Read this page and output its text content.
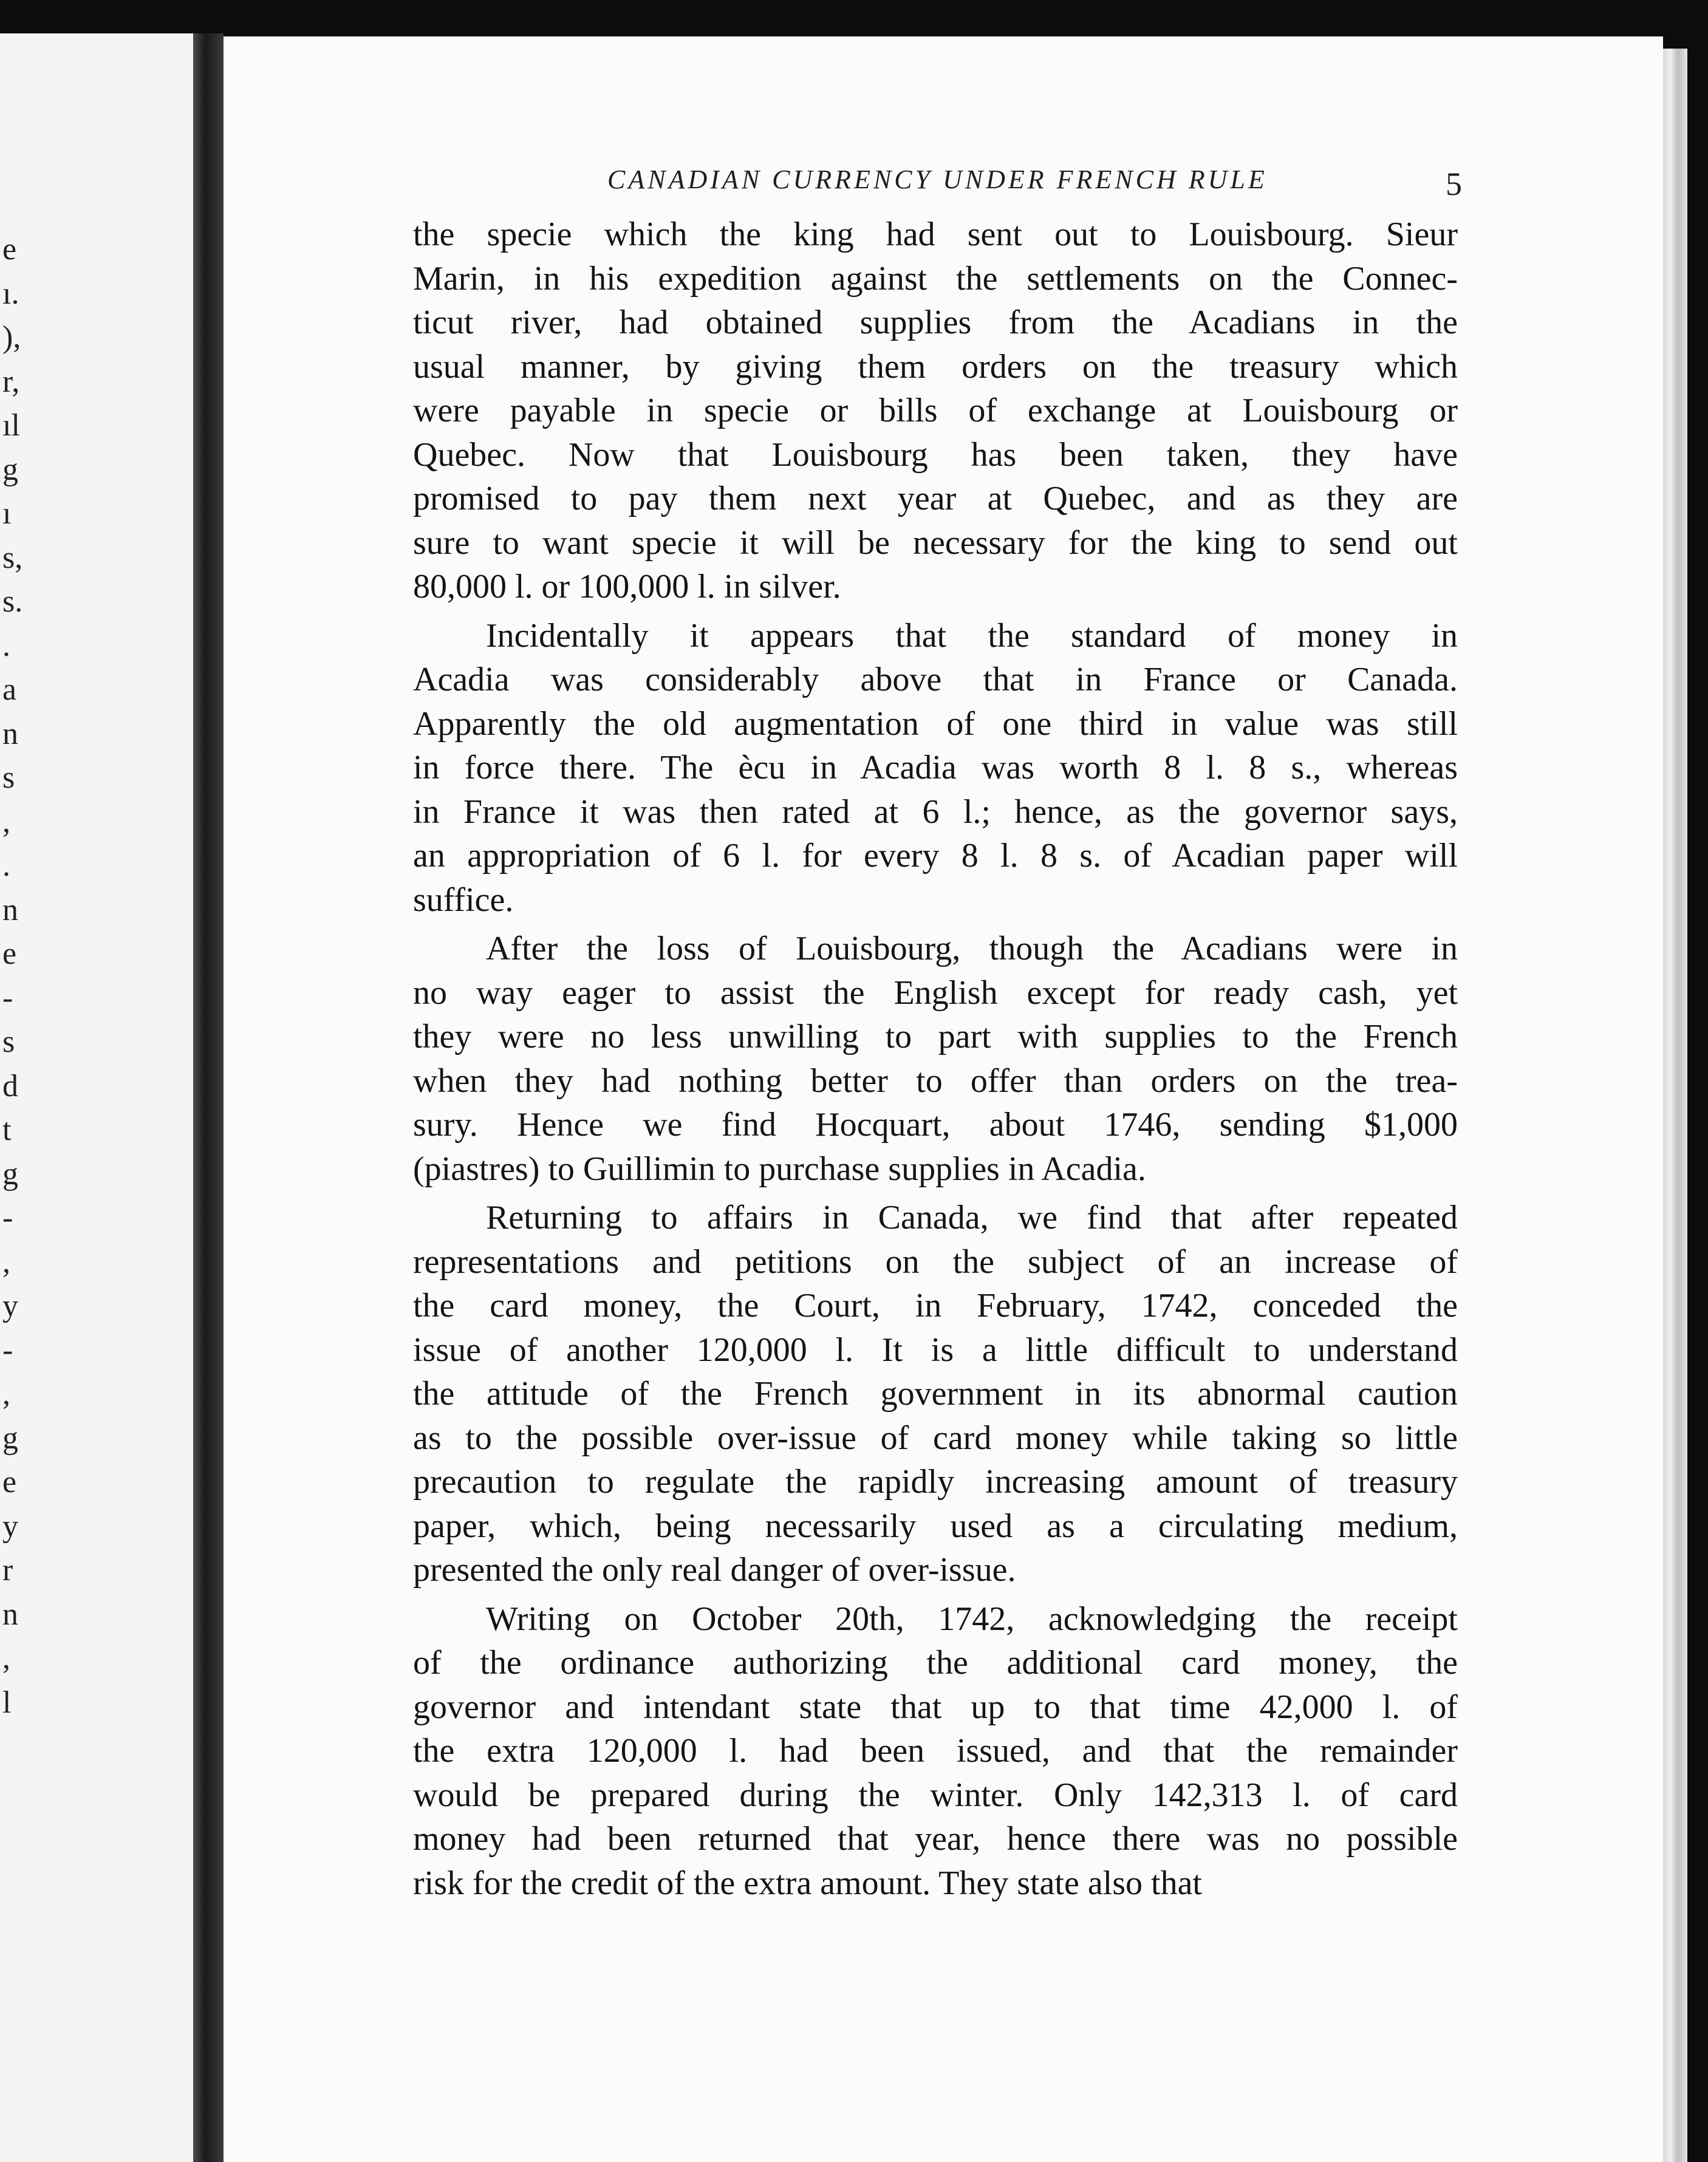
e
ı.
),
r,
ıl
g
ı
s,
s.
.
a
n
s
,
.
n
e
-
s
d
t
g
-
,
y
-
,
g
e
y
r
n
,
l
CANADIAN CURRENCY UNDER FRENCH RULE	5
the specie which the king had sent out to Louisbourg. Sieur
Marin, in his expedition against the settlements on the Connec-
ticut river, had obtained supplies from the Acadians in the
usual manner, by giving them orders on the treasury which
were payable in specie or bills of exchange at Louisbourg or
Quebec. Now that Louisbourg has been taken, they have
promised to pay them next year at Quebec, and as they are
sure to want specie it will be necessary for the king to send out
80,000 l. or 100,000 l. in silver.
Incidentally it appears that the standard of money in
Acadia was considerably above that in France or Canada.
Apparently the old augmentation of one third in value was still
in force there. The ècu in Acadia was worth 8 l. 8 s., whereas
in France it was then rated at 6 l.; hence, as the governor says,
an appropriation of 6 l. for every 8 l. 8 s. of Acadian paper will
suffice.
After the loss of Louisbourg, though the Acadians were in
no way eager to assist the English except for ready cash, yet
they were no less unwilling to part with supplies to the French
when they had nothing better to offer than orders on the trea-
sury. Hence we find Hocquart, about 1746, sending $1,000
(piastres) to Guillimin to purchase supplies in Acadia.
Returning to affairs in Canada, we find that after repeated
representations and petitions on the subject of an increase of
the card money, the Court, in February, 1742, conceded the
issue of another 120,000 l. It is a little difficult to understand
the attitude of the French government in its abnormal caution
as to the possible over-issue of card money while taking so little
precaution to regulate the rapidly increasing amount of treasury
paper, which, being necessarily used as a circulating medium,
presented the only real danger of over-issue.
Writing on October 20th, 1742, acknowledging the receipt
of the ordinance authorizing the additional card money, the
governor and intendant state that up to that time 42,000 l. of
the extra 120,000 l. had been issued, and that the remainder
would be prepared during the winter. Only 142,313 l. of card
money had been returned that year, hence there was no possible
risk for the credit of the extra amount. They state also that
